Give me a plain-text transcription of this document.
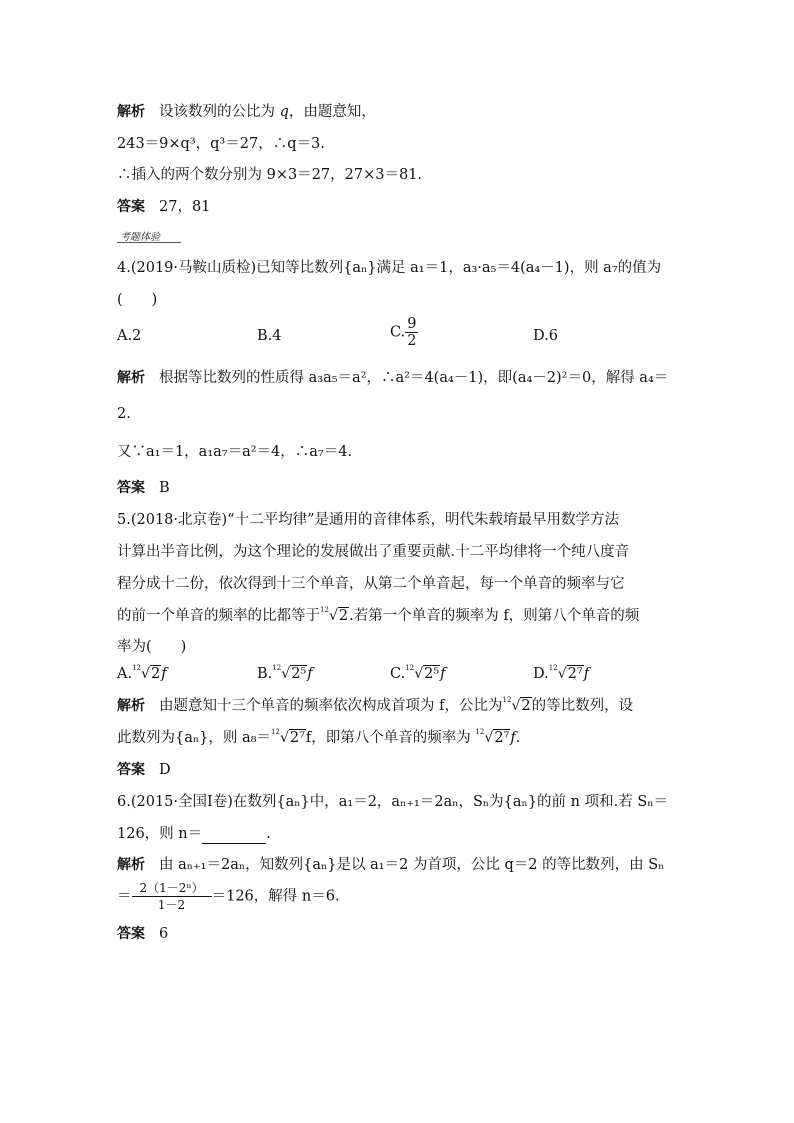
解析 设该数列的公比为 q，由题意知，
243＝9×q³，q³＝27，∴q＝3.
∴插入的两个数分别为 9×3＝27，27×3＝81.
答案 27，81
考题体验
4.(2019·马鞍山质检)已知等比数列{aₙ}满足 a₁＝1，a₃·a₅＝4(a₄－1)，则 a₇的值为
(　　)
A.2	B.4	C. $\frac{9}{2}$	D.6
解析 根据等比数列的性质得 a₃a₅＝a²，∴a²＝4(a₄－1)，即(a₄－2)²＝0，解得 a₄＝
2.
又∵a₁＝1，a₁a₇＝a²＝4，∴a₇＝4.
答案 B
5.(2018·北京卷)“十二平均律”是通用的音律体系，明代朱载堉最早用数学方法
计算出半音比例，为这个理论的发展做出了重要贡献.十二平均律将一个纯八度音
程分成十二份，依次得到十三个单音，从第二个单音起，每一个单音的频率与它
的前一个单音的频率的比都等于 12 √2.若第一个单音的频率为 f，则第八个单音的频
率为(　　)
A. 12 √2f	B. 12 √2⁵f	C. 12 √2⁵f	D. 12 √2⁷f
解析 由题意知十三个单音的频率依次构成首项为 f，公比为 12 √2的等比数列，设
此数列为{aₙ}，则 a₈＝ 12 √2⁷f，即第八个单音的频率为 12 √2⁷f.
答案 D
6.(2015·全国Ⅰ卷)在数列{aₙ}中，a₁＝2，aₙ₊₁＝2aₙ，Sₙ为{aₙ}的前 n 项和.若 Sₙ＝
126，则 n＝	.
解析 由 aₙ₊₁＝2aₙ，知数列{aₙ}是以 a₁＝2 为首项，公比 q＝2 的等比数列，由 Sₙ
＝ $\frac{\text{2（1－2ⁿ）}}{1-2} =126$，解得 n＝6.
答案 6
